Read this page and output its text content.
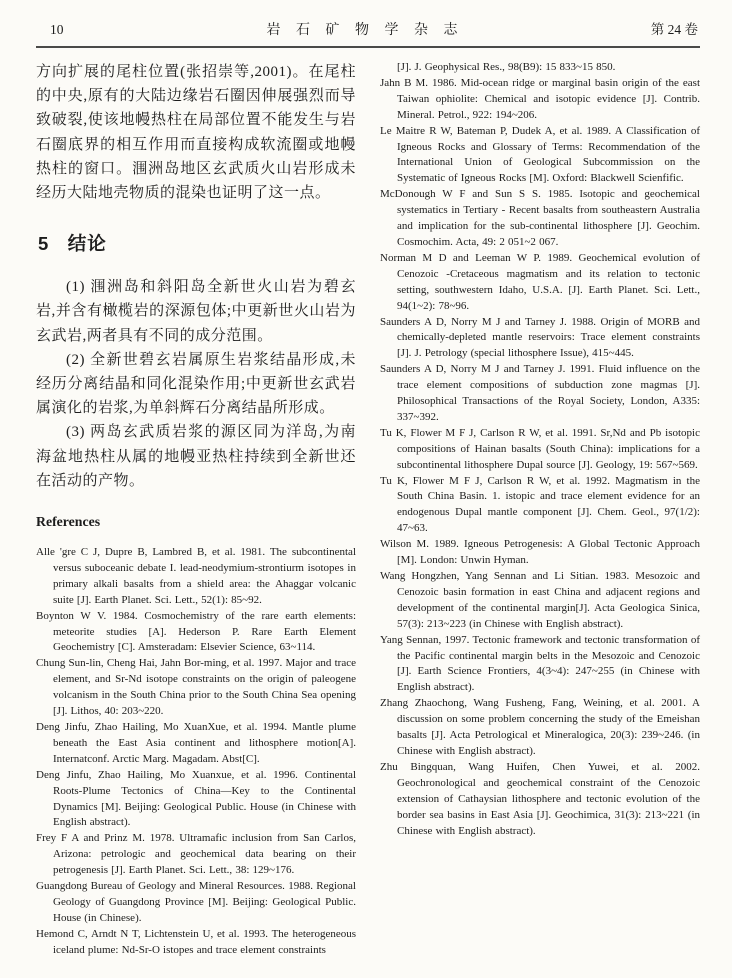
10	岩 石 矿 物 学 杂 志	第 24 卷

方向扩展的尾柱位置(张招崇等,2001)。在尾柱的中央,原有的大陆边缘岩石圈因伸展强烈而导致破裂,使该地幔热柱在局部位置不能发生与岩石圈底界的相互作用而直接构成软流圈或地幔热柱的窗口。涠洲岛地区玄武质火山岩形成未经历大陆地壳物质的混染也证明了这一点。

5   结论

(1) 涠洲岛和斜阳岛全新世火山岩为碧玄岩,并含有橄榄岩的深源包体;中更新世火山岩为玄武岩,两者具有不同的成分范围。

(2) 全新世碧玄岩属原生岩浆结晶形成,未经历分离结晶和同化混染作用;中更新世玄武岩属演化的岩浆,为单斜辉石分离结晶所形成。

(3) 两岛玄武质岩浆的源区同为洋岛,为南海盆地热柱从属的地幔亚热柱持续到全新世还在活动的产物。

References

Alle 'gre C J, Dupre B, Lambred B, et al. 1981. The subcontinental versus suboceanic debate I. lead-neodymium-strontiurm isotopes in primary alkali basalts from a shield area: the Ahaggar volcanic suite [J]. Earth Planet. Sci. Lett., 52(1): 85~92.

Boynton W V. 1984. Cosmochemistry of the rare earth elements: meteorite studies [A]. Hederson P. Rare Earth Element Geochemistry [C]. Amsteradam: Elsevier Science, 63~114.

Chung Sun-lin, Cheng Hai, Jahn Bor-ming, et al. 1997. Major and trace element, and Sr-Nd isotope constraints on the origin of paleogene volcanism in the South China prior to the South China Sea opening [J]. Lithos, 40: 203~220.

Deng Jinfu, Zhao Hailing, Mo XuanXue, et al. 1994. Mantle plume beneath the East Asia continent and lithosphere motion[A]. Internatconf. Arctic Marg. Magadam. Abst[C].

Deng Jinfu, Zhao Hailing, Mo Xuanxue, et al. 1996. Continental Roots-Plume Tectonics of China—Key to the Continental Dynamics [M]. Beijing: Geological Public. House (in Chinese with English abstract).

Frey F A and Prinz M. 1978. Ultramafic inclusion from San Carlos, Arizona: petrologic and geochemical data bearing on their petrogenesis [J]. Earth Planet. Sci. Lett., 38: 129~176.

Guangdong Bureau of Geology and Mineral Resources. 1988. Regional Geology of Guangdong Province [M]. Beijing: Geological Public. House (in Chinese).

Hemond C, Arndt N T, Lichtenstein U, et al. 1993. The heterogeneous iceland plume: Nd-Sr-O istopes and trace element constraints

[J]. J. Geophysical Res., 98(B9): 15 833~15 850.

Jahn B M. 1986. Mid-ocean ridge or marginal basin origin of the east Taiwan ophiolite: Chemical and isotopic evidence [J]. Contrib. Mineral. Petrol., 922: 194~206.

Le Maitre R W, Bateman P, Dudek A, et al. 1989. A Classification of Igneous Rocks and Glossary of Terms: Recommendation of the International Union of Geological Subcommission on the Systematic of Igneous Rocks [M]. Oxford: Blackwell Scienfific.

McDonough W F and Sun S S. 1985. Isotopic and geochemical systematics in Tertiary - Recent basalts from southeastern Australia and implication for the sub-continental lithosphere [J]. Geochim. Cosmochim. Acta, 49: 2 051~2 067.

Norman M D and Leeman W P. 1989. Geochemical evolution of Cenozoic -Cretaceous magmatism and its relation to tectonic setting, southwestern Idaho, U.S.A. [J]. Earth Planet. Sci. Lett., 94(1~2): 78~96.

Saunders A D, Norry M J and Tarney J. 1988. Origin of MORB and chemically-depleted mantle reservoirs: Trace element constraints [J]. J. Petrology (special lithosphere Issue), 415~445.

Saunders A D, Norry M J and Tarney J. 1991. Fluid influence on the trace element compositions of subduction zone magmas [J]. Philosophical Transactions of the Royal Society, London, A335: 337~392.

Tu K, Flower M F J, Carlson R W, et al. 1991. Sr,Nd and Pb isotopic compositions of Hainan basalts (South China): implications for a subcontinental lithosphere Dupal source [J]. Geology, 19: 567~569.

Tu K, Flower M F J, Carlson R W, et al. 1992. Magmatism in the South China Basin. 1. istopic and trace element evidence for an endogenous Dupal mantle component [J]. Chem. Geol., 97(1/2): 47~63.

Wilson M. 1989. Igneous Petrogenesis: A Global Tectonic Approach [M]. London: Unwin Hyman.

Wang Hongzhen, Yang Sennan and Li Sitian. 1983. Mesozoic and Cenozoic basin formation in east China and adjacent regions and development of the continental margin[J]. Acta Geologica Sinica, 57(3): 213~223 (in Chinese with English abstract).

Yang Sennan, 1997. Tectonic framework and tectonic transformation of the Pacific continental margin belts in the Mesozoic and Cenozoic [J]. Earth Science Frontiers, 4(3~4): 247~255 (in Chinese with English abstract).

Zhang Zhaochong, Wang Fusheng, Fang, Weining, et al. 2001. A discussion on some problem concerning the study of the Emeishan basalts [J]. Acta Petrological et Mineralogica, 20(3): 239~246. (in Chinese with English abstract).

Zhu Bingquan, Wang Huifen, Chen Yuwei, et al. 2002. Geochronological and geochemical constraint of the Cenozoic extension of Cathaysian lithosphere and tectonic evolution of the border sea basins in East Asia [J]. Geochimica, 31(3): 213~221 (in Chinese with English abstract).
